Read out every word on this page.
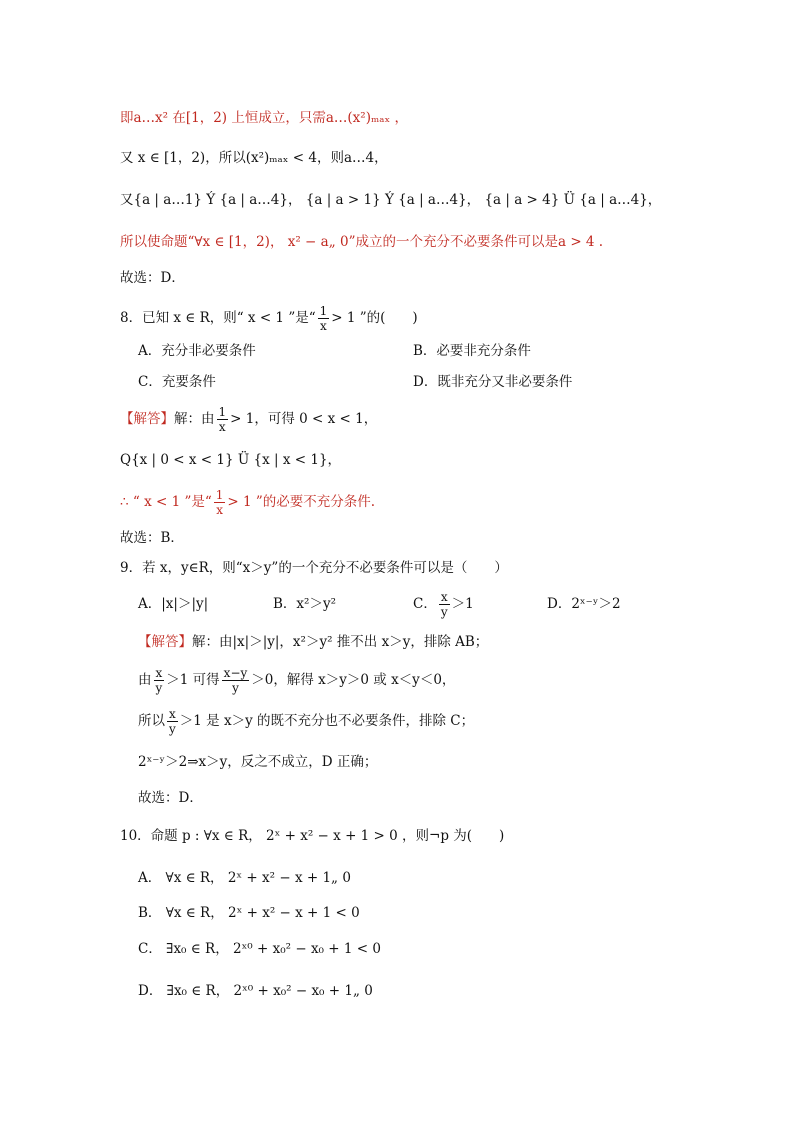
即a…x² 在[1，2) 上恒成立，只需a…(x²)ₘₐₓ ，
又 x ∈ [1，2)，所以(x²)ₘₐₓ < 4，则a…4，
又{a | a…1} Ý {a | a…4}， {a | a > 1} Ý {a | a…4}， {a | a > 4} Ü {a | a…4}，
所以使命题“∀x ∈ [1，2)， x² − a„ 0”成立的一个充分不必要条件可以是a > 4 .
故选：D．
8．已知 x ∈ R，则“ x < 1 ”是“ $\frac{1}{x} > 1$ ”的(　　)
A．充分非必要条件	B．必要非充分条件
C．充要条件	D．既非充分又非必要条件
【解答】解：由 $\frac{1}{x} > 1$，可得 0 < x < 1，
Q{x | 0 < x < 1} Ü {x | x < 1}，
∴ “ x < 1 ”是“ $\frac{1}{x} > 1$ ”的必要不充分条件.
故选：B．
9．若 x，y∈R，则“x＞y”的一个充分不必要条件可以是（　　）
A．|x|＞|y|	B．x²＞y²	C． $\frac{x}{y} >1$	D．2ˣ⁻ʸ＞2
【解答】解：由|x|＞|y|，x²＞y² 推不出 x＞y，排除 AB；
由 $\frac{x}{y} >1$ 可得 $\frac{x-y}{y} >0$，解得 x＞y＞0 或 x＜y＜0，
所以 $\frac{x}{y} >1$ 是 x＞y 的既不充分也不必要条件，排除 C；
2ˣ⁻ʸ＞2⇒x＞y，反之不成立，D 正确；
故选：D．
10．命题 p : ∀x ∈ R， 2ˣ + x² − x + 1 > 0 ，则¬p 为(　　)
A． ∀x ∈ R， 2ˣ + x² − x + 1„ 0
B． ∀x ∈ R， 2ˣ + x² − x + 1 < 0
C． ∃x₀ ∈ R， 2ˣ⁰ + x₀² − x₀ + 1 < 0
D． ∃x₀ ∈ R， 2ˣ⁰ + x₀² − x₀ + 1„ 0
